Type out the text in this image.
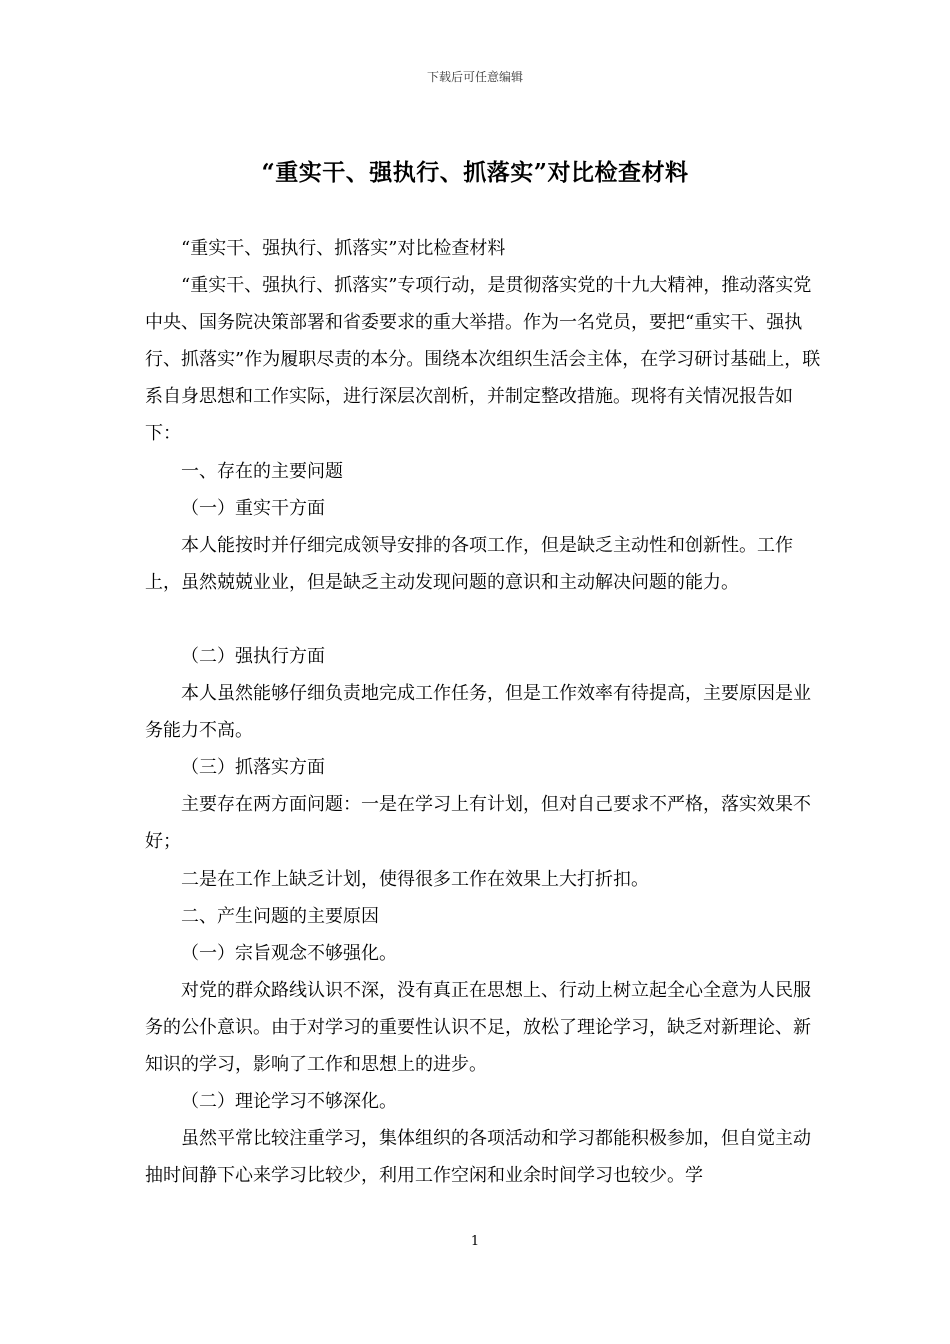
下载后可任意编辑
“重实干、强执行、抓落实”对比检查材料

“重实干、强执行、抓落实”对比检查材料

“重实干、强执行、抓落实”专项行动，是贯彻落实党的十九大精神，推动落实党中央、国务院决策部署和省委要求的重大举措。作为一名党员，要把“重实干、强执行、抓落实”作为履职尽责的本分。围绕本次组织生活会主体，在学习研讨基础上，联系自身思想和工作实际，进行深层次剖析，并制定整改措施。现将有关情况报告如下：

一、存在的主要问题

（一）重实干方面

本人能按时并仔细完成领导安排的各项工作，但是缺乏主动性和创新性。工作上，虽然兢兢业业，但是缺乏主动发现问题的意识和主动解决问题的能力。

（二）强执行方面

本人虽然能够仔细负责地完成工作任务，但是工作效率有待提高，主要原因是业务能力不高。

（三）抓落实方面

主要存在两方面问题：一是在学习上有计划，但对自己要求不严格，落实效果不好；

二是在工作上缺乏计划，使得很多工作在效果上大打折扣。

二、产生问题的主要原因

（一）宗旨观念不够强化。

对党的群众路线认识不深，没有真正在思想上、行动上树立起全心全意为人民服务的公仆意识。由于对学习的重要性认识不足，放松了理论学习，缺乏对新理论、新知识的学习，影响了工作和思想上的进步。

（二）理论学习不够深化。

虽然平常比较注重学习，集体组织的各项活动和学习都能积极参加，但自觉主动抽时间静下心来学习比较少，利用工作空闲和业余时间学习也较少。学

1
